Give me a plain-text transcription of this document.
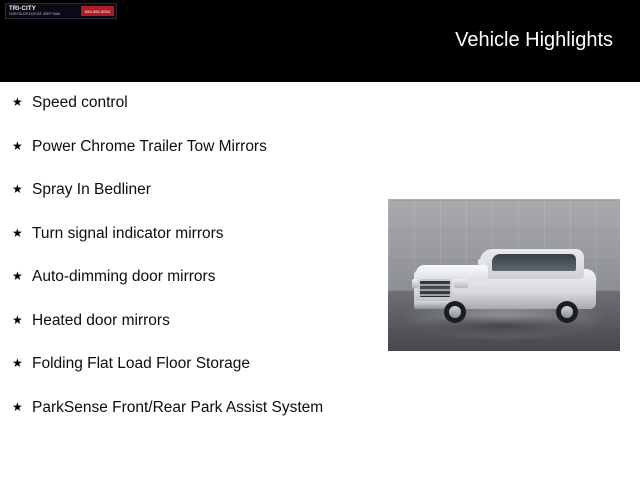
TRI-CITY
CHRYSLER DODGE JEEP RAM	855-982-5053
Vehicle Highlights
★ Speed control
★ Power Chrome Trailer Tow Mirrors
★ Spray In Bedliner
★ Turn signal indicator mirrors
★ Auto-dimming door mirrors
★ Heated door mirrors
★ Folding Flat Load Floor Storage
★ ParkSense Front/Rear Park Assist System
